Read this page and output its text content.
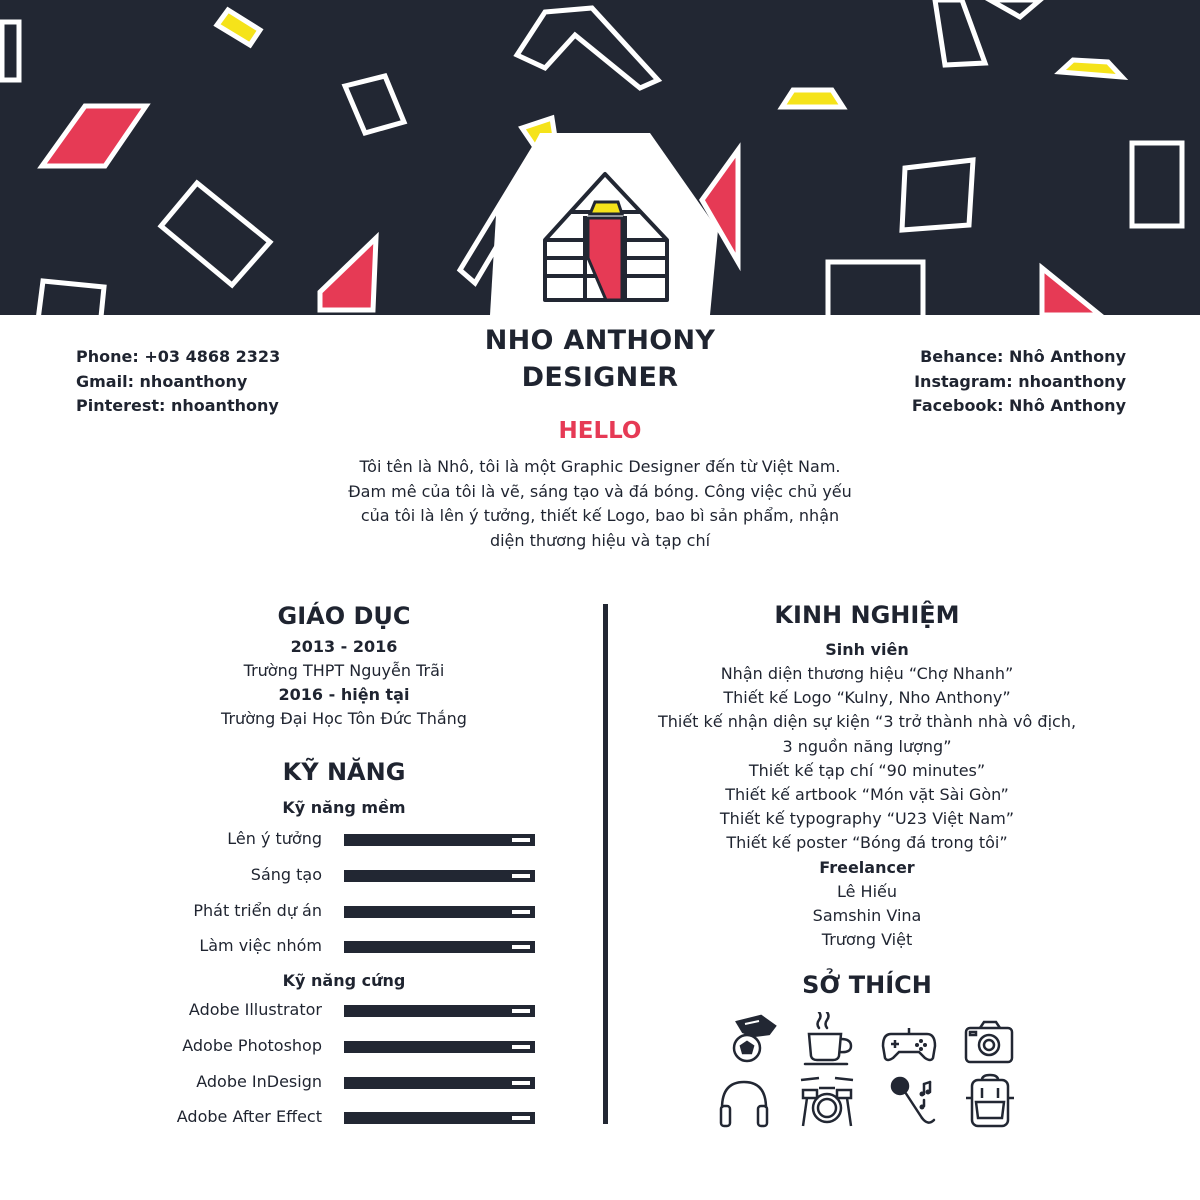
NHO ANTHONY
DESIGNER
Phone: +03 4868 2323
Gmail: nhoanthony
Pinterest: nhoanthony
Behance: Nhô Anthony
Instagram: nhoanthony
Facebook: Nhô Anthony
HELLO
Tôi tên là Nhô, tôi là một Graphic Designer đến từ Việt Nam.
Đam mê của tôi là vẽ, sáng tạo và đá bóng. Công việc chủ yếu
của tôi là lên ý tưởng, thiết kế Logo, bao bì sản phẩm, nhận
diện thương hiệu và tạp chí
GIÁO DỤC
2013 - 2016
Trường THPT Nguyễn Trãi
2016 - hiện tại
Trường Đại Học Tôn Đức Thắng
KỸ NĂNG
Kỹ năng mềm
Lên ý tưởng
Sáng tạo
Phát triển dự án
Làm việc nhóm
Kỹ năng cứng
Adobe Illustrator
Adobe Photoshop
Adobe InDesign
Adobe After Effect
KINH NGHIỆM
Sinh viên
Nhận diện thương hiệu “Chợ Nhanh”
Thiết kế Logo “Kulny, Nho Anthony”
Thiết kế nhận diện sự kiện “3 trở thành nhà vô địch,
3 nguồn năng lượng”
Thiết kế tạp chí “90 minutes”
Thiết kế artbook “Món vặt Sài Gòn”
Thiết kế typography “U23 Việt Nam”
Thiết kế poster “Bóng đá trong tôi”
Freelancer
Lê Hiếu
Samshin Vina
Trương Việt
SỞ THÍCH
